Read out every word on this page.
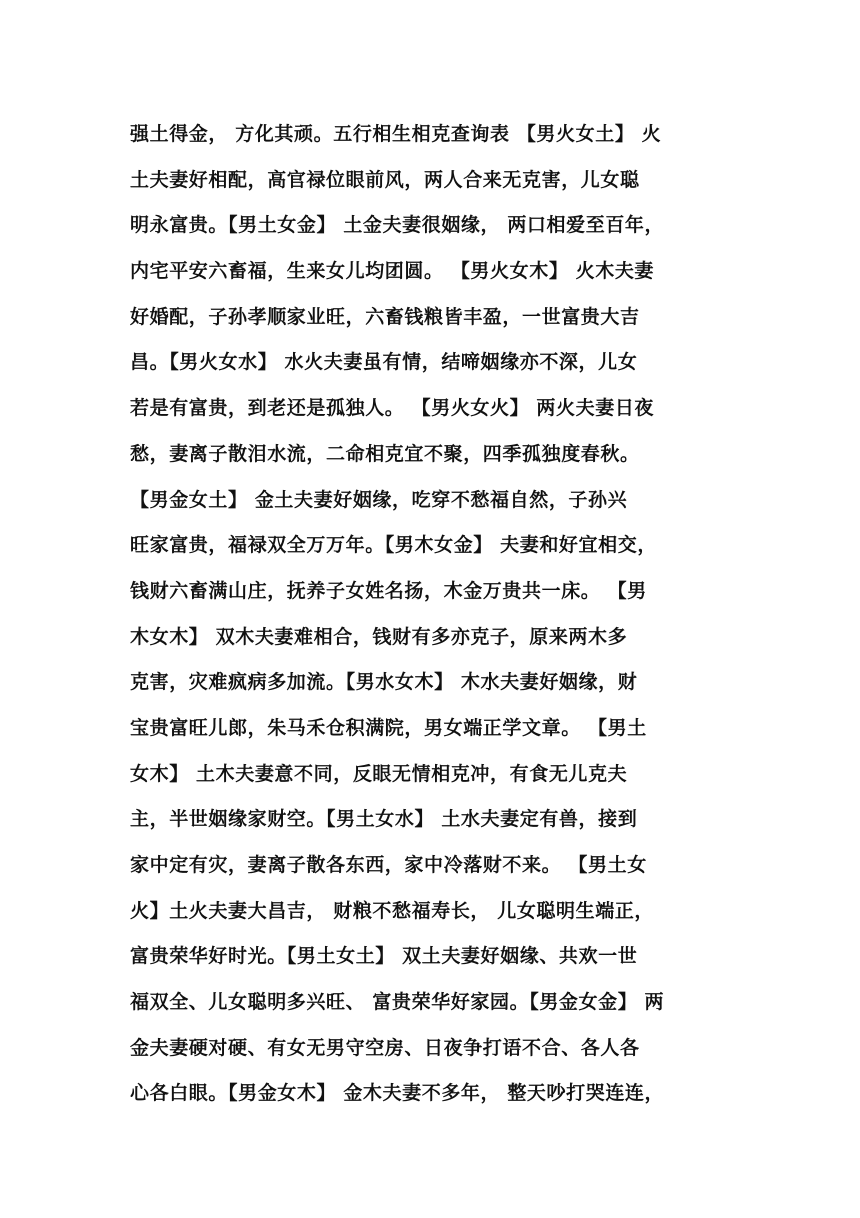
强土得金， 方化其顽。五行相生相克查询表 【男火女土】 火
土夫妻好相配，高官禄位眼前风，两人合来无克害，儿女聪
明永富贵。【男土女金】 土金夫妻很姻缘， 两口相爱至百年，
内宅平安六畜福，生来女儿均团圆。 【男火女木】 火木夫妻
好婚配，子孙孝顺家业旺，六畜钱粮皆丰盈，一世富贵大吉
昌。【男火女水】 水火夫妻虽有情，结啼姻缘亦不深，儿女
若是有富贵，到老还是孤独人。 【男火女火】 两火夫妻日夜
愁，妻离子散泪水流，二命相克宜不聚，四季孤独度春秋。
【男金女土】 金土夫妻好姻缘，吃穿不愁福自然，子孙兴
旺家富贵，福禄双全万万年。【男木女金】 夫妻和好宜相交，
钱财六畜满山庄，抚养子女姓名扬，木金万贵共一床。 【男
木女木】 双木夫妻难相合，钱财有多亦克子，原来两木多
克害，灾难疯病多加流。【男水女木】 木水夫妻好姻缘，财
宝贵富旺儿郎，朱马禾仓积满院，男女端正学文章。 【男土
女木】 土木夫妻意不同，反眼无情相克冲，有食无儿克夫
主，半世姻缘家财空。【男土女水】 土水夫妻定有兽，接到
家中定有灾，妻离子散各东西，家中冷落财不来。 【男土女
火】土火夫妻大昌吉， 财粮不愁福寿长， 儿女聪明生端正，
富贵荣华好时光。【男土女土】 双土夫妻好姻缘、共欢一世
福双全、儿女聪明多兴旺、 富贵荣华好家园。【男金女金】 两
金夫妻硬对硬、有女无男守空房、日夜争打语不合、各人各
心各白眼。【男金女木】 金木夫妻不多年， 整天吵打哭连连，
